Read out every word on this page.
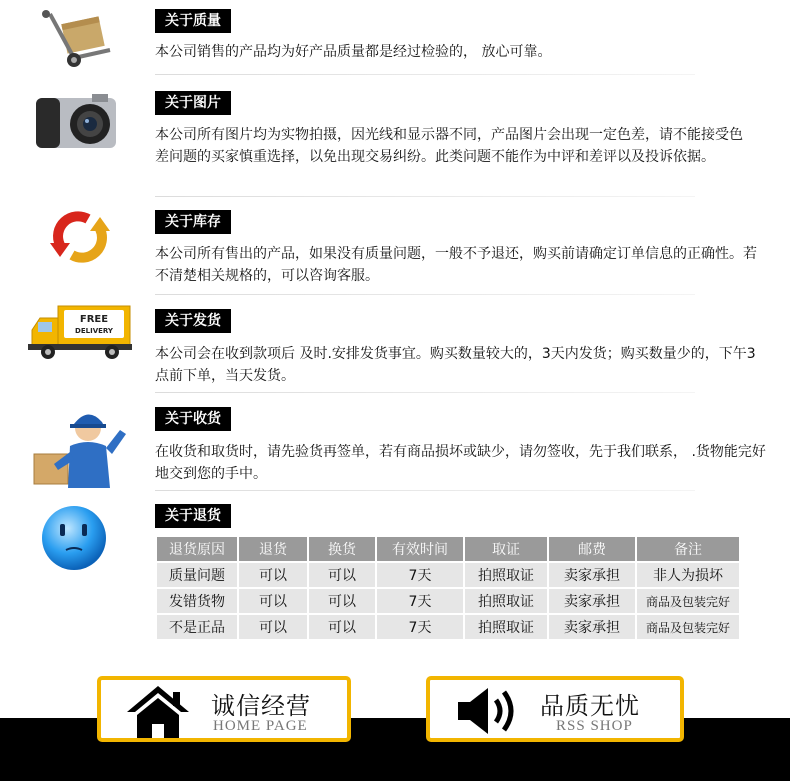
关于质量
本公司销售的产品均为好产品质量都是经过检验的， 放心可靠。
关于图片
本公司所有图片均为实物拍摄，因光线和显示器不同，产品图片会出现一定色差，请不能接受色差问题的买家慎重选择，以免出现交易纠纷。此类问题不能作为中评和差评以及投诉依据。
关于库存
本公司所有售出的产品，如果没有质量问题，一般不予退还，购买前请确定订单信息的正确性。若不清楚相关规格的，可以咨询客服。
FREE
DELIVERY
关于发货
本公司会在收到款项后 及时.安排发货事宜。购买数量较大的，3天内发货；购买数量少的，下午3点前下单，当天发货。
关于收货
在收货和取货时，请先验货再签单，若有商品损坏或缺少，请勿签收，先于我们联系， .货物能完好地交到您的手中。
关于退货
退货原因	退货	换货	有效时间	取证	邮费	备注
质量问题	可以	可以	7天	拍照取证	卖家承担	非人为损坏
发错货物	可以	可以	7天	拍照取证	卖家承担	商品及包装完好
不是正品	可以	可以	7天	拍照取证	卖家承担	商品及包装完好
诚信经营
HOME PAGE
品质无忧
RSS SHOP
